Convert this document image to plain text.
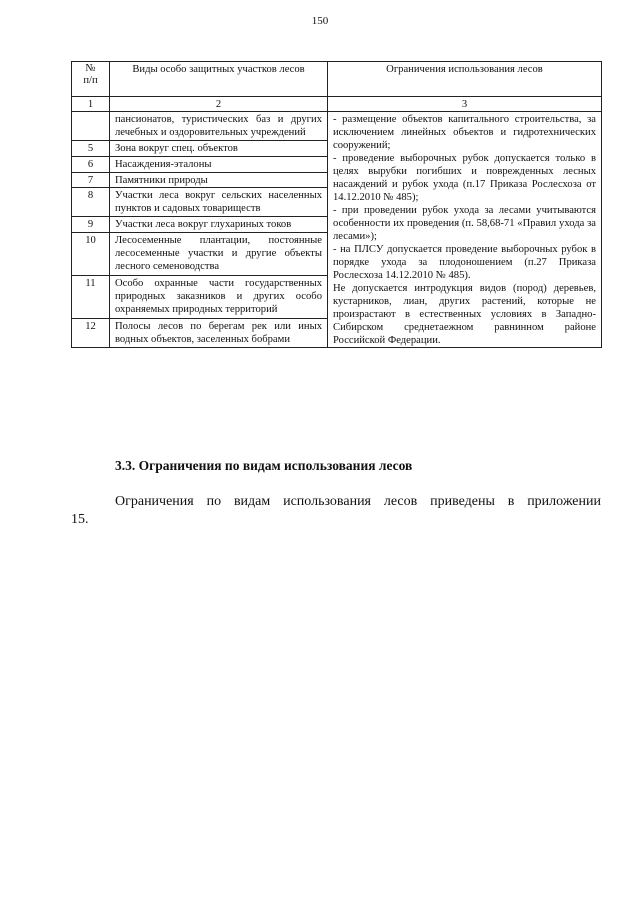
150
№
п/п	Виды особо защитных участков лесов	Ограничения использования лесов
1	2	3
	пансионатов, туристических баз и других лечебных и оздоровительных учреждений	- размещение объектов капитального строительства, за исключением линейных объектов и гидротехнических сооружений;

- проведение выборочных рубок допускается только в целях вырубки погибших и поврежденных лесных насаждений и рубок ухода (п.17 Приказа Рослесхоза от 14.12.2010 № 485);

- при проведении рубок ухода за лесами учитываются особенности их проведения (п. 58,68-71 «Правил ухода за лесами»);

- на ПЛСУ допускается проведение выборочных рубок в порядке ухода за плодоношением (п.27 Приказа Рослесхоза 14.12.2010 № 485).

Не допускается интродукция видов (пород) деревьев, кустарников, лиан, других растений, которые не произрастают в естественных условиях в Западно-Сибирском среднетаежном равнинном районе Российской Федерации.

5	Зона вокруг спец. объектов	
6	Насаждения-эталоны	
7	Памятники природы	
8	Участки леса вокруг сельских населенных пунктов и садовых товариществ	
9	Участки леса вокруг глухариных токов	
10	Лесосеменные плантации, постоянные лесосеменные участки и другие объекты лесного семеноводства	
11	Особо охранные части государственных природных заказников и других особо охраняемых природных территорий	
12	Полосы лесов по берегам рек или иных водных объектов, заселенных бобрами	
3.3. Ограничения по видам использования лесов

Ограничения по видам использования лесов приведены в приложении

15.
